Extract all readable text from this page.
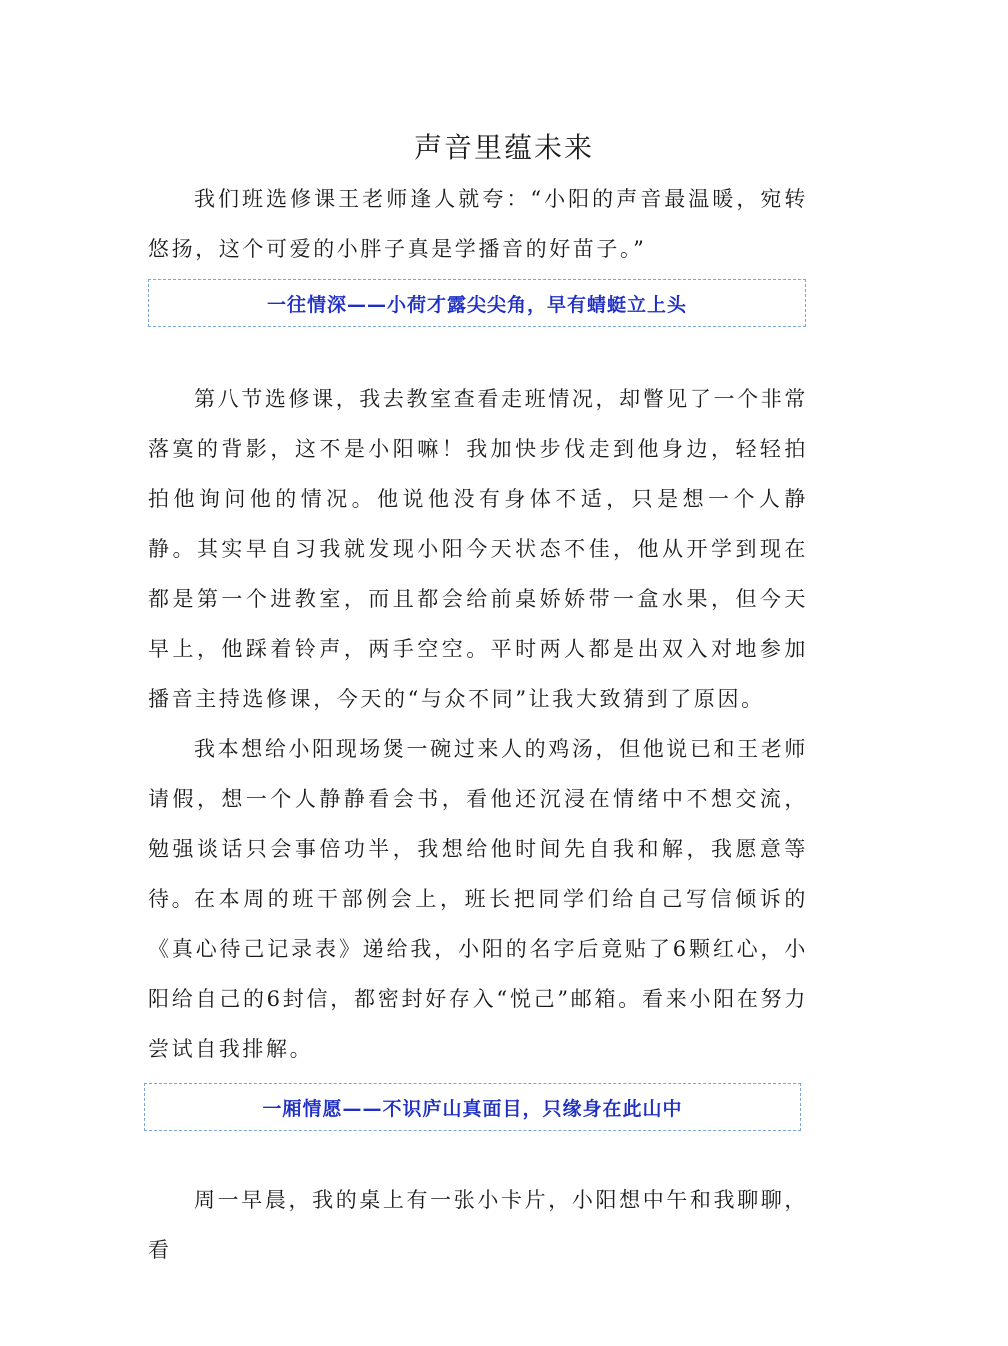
声音里蕴未来

我们班选修课王老师逢人就夸：“小阳的声音最温暖，宛转悠扬，这个可爱的小胖子真是学播音的好苗子。”

一往情深——小荷才露尖尖角，早有蜻蜓立上头

第八节选修课，我去教室查看走班情况，却瞥见了一个非常落寞的背影，这不是小阳嘛！我加快步伐走到他身边，轻轻拍拍他询问他的情况。他说他没有身体不适，只是想一个人静静。其实早自习我就发现小阳今天状态不佳，他从开学到现在都是第一个进教室，而且都会给前桌娇娇带一盒水果，但今天早上，他踩着铃声，两手空空。平时两人都是出双入对地参加播音主持选修课，今天的“与众不同”让我大致猜到了原因。

我本想给小阳现场煲一碗过来人的鸡汤，但他说已和王老师请假，想一个人静静看会书，看他还沉浸在情绪中不想交流，勉强谈话只会事倍功半，我想给他时间先自我和解，我愿意等待。

在本周的班干部例会上，班长把同学们给自己写信倾诉的《真心待己记录表》递给我，小阳的名字后竟贴了6颗红心，小阳给自己的6封信，都密封好存入“悦己”邮箱。看来小阳在努力尝试自我排解。

一厢情愿——不识庐山真面目，只缘身在此山中

周一早晨，我的桌上有一张小卡片，小阳想中午和我聊聊，看
